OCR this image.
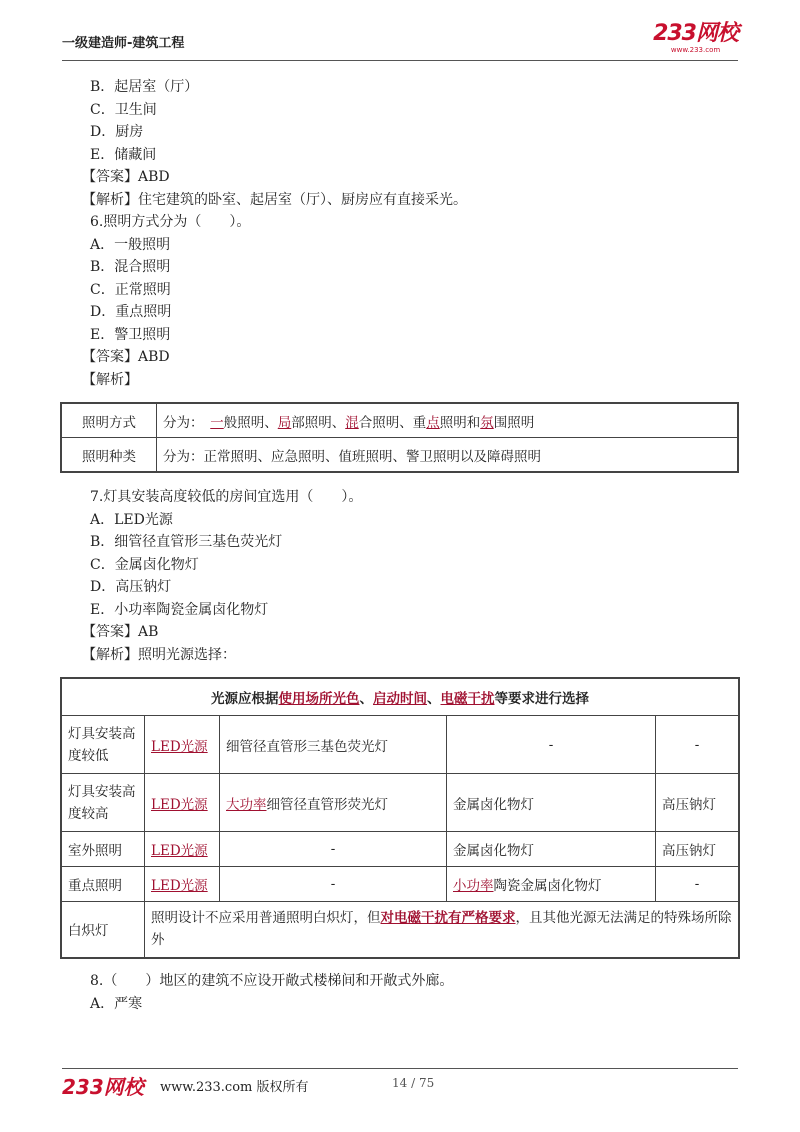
一级建造师-建筑工程	233网校
www.233.com
B．起居室（厅）
C．卫生间
D．厨房
E．储藏间
【答案】ABD
【解析】住宅建筑的卧室、起居室（厅）、厨房应有直接采光。
6.照明方式分为（　　）。
A．一般照明
B．混合照明
C．正常照明
D．重点照明
E．警卫照明
【答案】ABD
【解析】
照明方式	分为：　 一般照明、局部照明、混合照明、重点照明和氛围照明
照明种类	分为：正常照明、应急照明、值班照明、警卫照明以及障碍照明
7.灯具安装高度较低的房间宜选用（　　）。
A．LED光源
B．细管径直管形三基色荧光灯
C．金属卤化物灯
D．高压钠灯
E．小功率陶瓷金属卤化物灯
【答案】AB
【解析】照明光源选择：
光源应根据使用场所光色、启动时间、电磁干扰等要求进行选择				
灯具安装高度较低	LED光源	细管径直管形三基色荧光灯	-	-
灯具安装高度较高	LED光源	大功率细管径直管形荧光灯	金属卤化物灯	高压钠灯
室外照明	LED光源	-	金属卤化物灯	高压钠灯
重点照明	LED光源	-	小功率陶瓷金属卤化物灯	-
白炽灯	照明设计不应采用普通照明白炽灯，但对电磁干扰有严格要求，且其他光源无法满足的特殊场所除外			
8.（　　）地区的建筑不应设开敞式楼梯间和开敞式外廊。
A．严寒
233网校 www.233.com 版权所有	14 / 75
